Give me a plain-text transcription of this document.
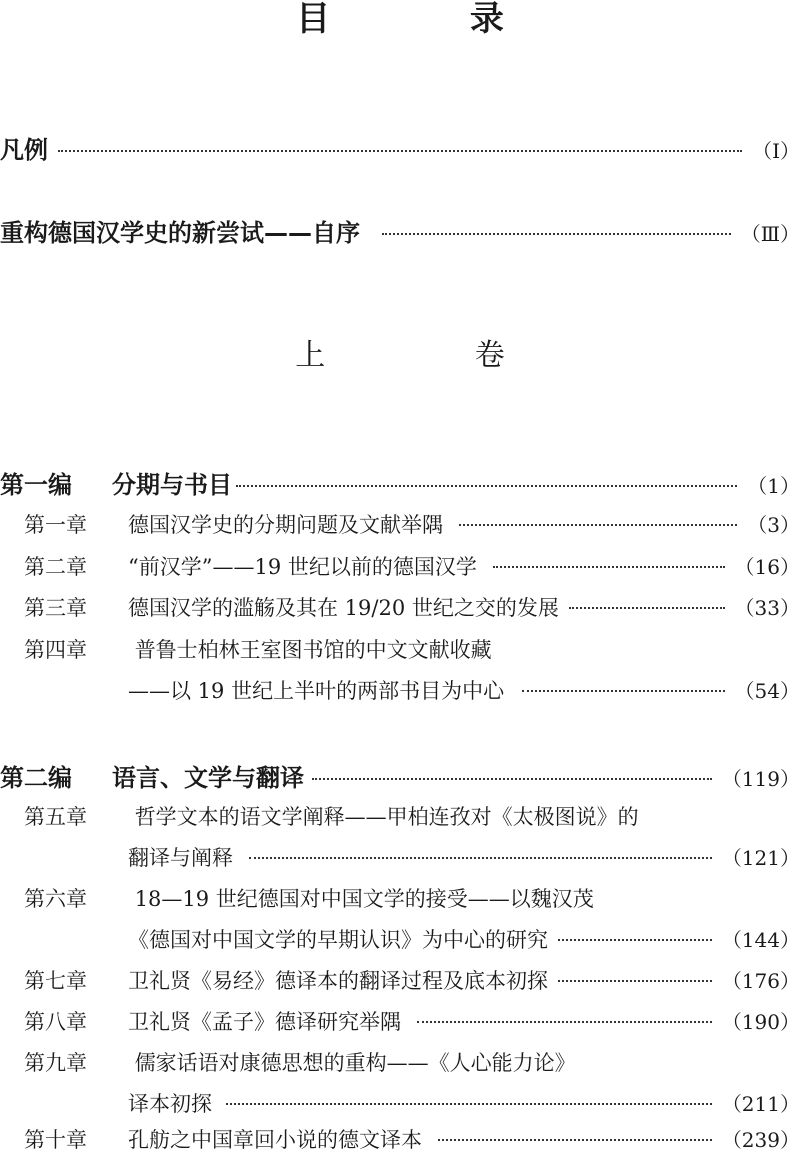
目 录
凡例	（Ⅰ）
重构德国汉学史的新尝试——自序	（Ⅲ）
上 卷
第一编	分期与书目	（1）
第一章	德国汉学史的分期问题及文献举隅	（3）
第二章	“前汉学”——19 世纪以前的德国汉学	（16）
第三章	德国汉学的滥觞及其在 19/20 世纪之交的发展	（33）
第四章 普鲁士柏林王室图书馆的中文文献收藏
——以 19 世纪上半叶的两部书目为中心	（54）
第二编	语言、文学与翻译	（119）
第五章 哲学文本的语文学阐释——甲柏连孜对《太极图说》的
翻译与阐释	（121）
第六章 18—19 世纪德国对中国文学的接受——以魏汉茂
《德国对中国文学的早期认识》为中心的研究	（144）
第七章	卫礼贤《易经》德译本的翻译过程及底本初探	（176）
第八章	卫礼贤《孟子》德译研究举隅	（190）
第九章 儒家话语对康德思想的重构——《人心能力论》
译本初探	（211）
第十章	孔舫之中国章回小说的德文译本	（239）
